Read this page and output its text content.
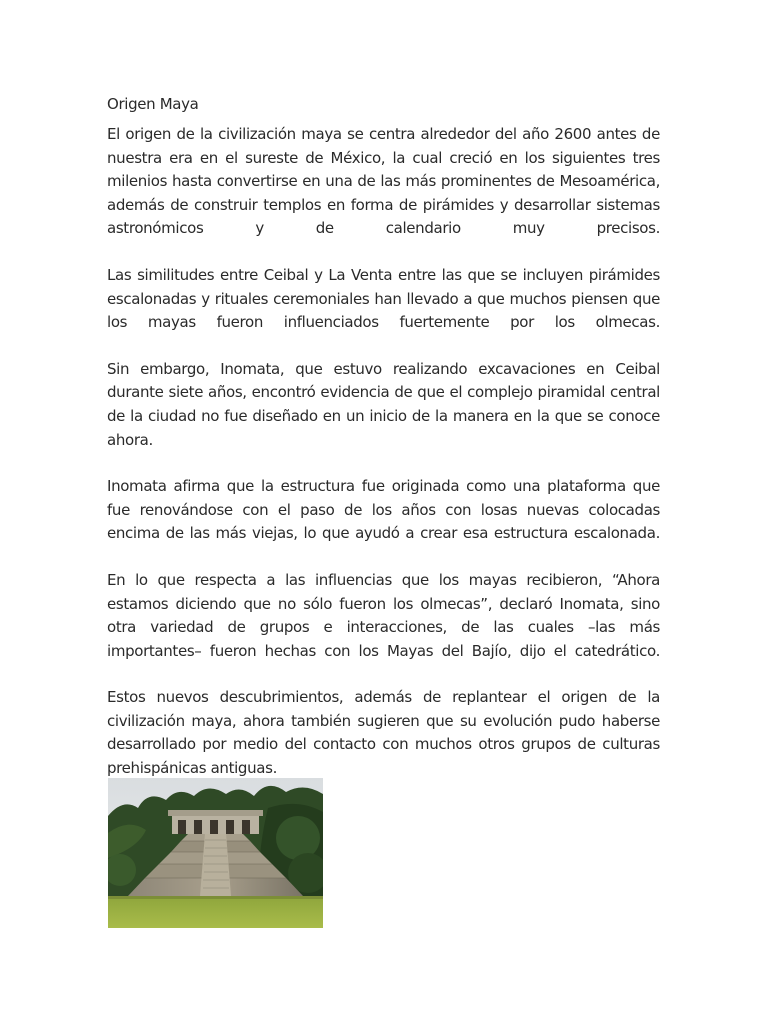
Origen Maya

El origen de la civilización maya se centra alrededor del año 2600 antes de nuestra era en el sureste de México, la cual creció en los siguientes tres milenios hasta convertirse en una de las más prominentes de Mesoamérica, además de construir templos en forma de pirámides y desarrollar sistemas astronómicos y de calendario muy precisos.

Las similitudes entre Ceibal y La Venta entre las que se incluyen pirámides escalonadas y rituales ceremoniales han llevado a que muchos piensen que los mayas fueron influenciados fuertemente por los olmecas.

Sin embargo, Inomata, que estuvo realizando excavaciones en Ceibal durante siete años, encontró evidencia de que el complejo piramidal central de la ciudad no fue diseñado en un inicio de la manera en la que se conoce ahora.

Inomata afirma que la estructura fue originada como una plataforma que fue renovándose con el paso de los años con losas nuevas colocadas encima de las más viejas, lo que ayudó a crear esa estructura escalonada.

En lo que respecta a las influencias que los mayas recibieron, “Ahora estamos diciendo que no sólo fueron los olmecas”, declaró Inomata, sino otra variedad de grupos e interacciones, de las cuales –las más importantes– fueron hechas con los Mayas del Bajío, dijo el catedrático.

Estos nuevos descubrimientos, además de replantear el origen de la civilización maya, ahora también sugieren que su evolución pudo haberse desarrollado por medio del contacto con muchos otros grupos de culturas prehispánicas antiguas.
